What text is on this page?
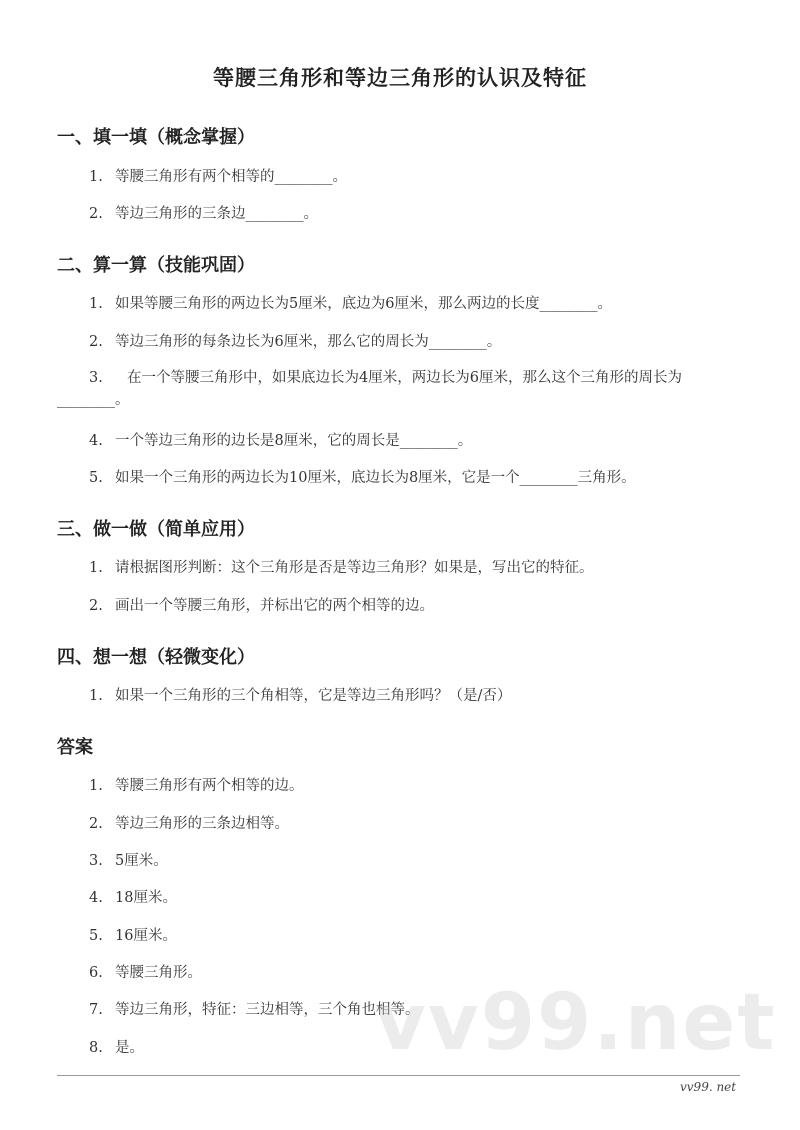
等腰三角形和等边三角形的认识及特征
一、填一填（概念掌握）
1. 等腰三角形有两个相等的________。
2. 等边三角形的三条边________。
二、算一算（技能巩固）
1. 如果等腰三角形的两边长为5厘米，底边为6厘米，那么两边的长度________。
2. 等边三角形的每条边长为6厘米，那么它的周长为________。
3. 在一个等腰三角形中，如果底边长为4厘米，两边长为6厘米，那么这个三角形的周长为________。
4. 一个等边三角形的边长是8厘米，它的周长是________。
5. 如果一个三角形的两边长为10厘米，底边长为8厘米，它是一个________三角形。
三、做一做（简单应用）
1. 请根据图形判断：这个三角形是否是等边三角形？如果是，写出它的特征。
2. 画出一个等腰三角形，并标出它的两个相等的边。
四、想一想（轻微变化）
1. 如果一个三角形的三个角相等，它是等边三角形吗？（是/否）
答案
1. 等腰三角形有两个相等的边。
2. 等边三角形的三条边相等。
3. 5厘米。
4. 18厘米。
5. 16厘米。
6. 等腰三角形。
7. 等边三角形，特征：三边相等，三个角也相等。
8. 是。	vv99.net
vv99. net
